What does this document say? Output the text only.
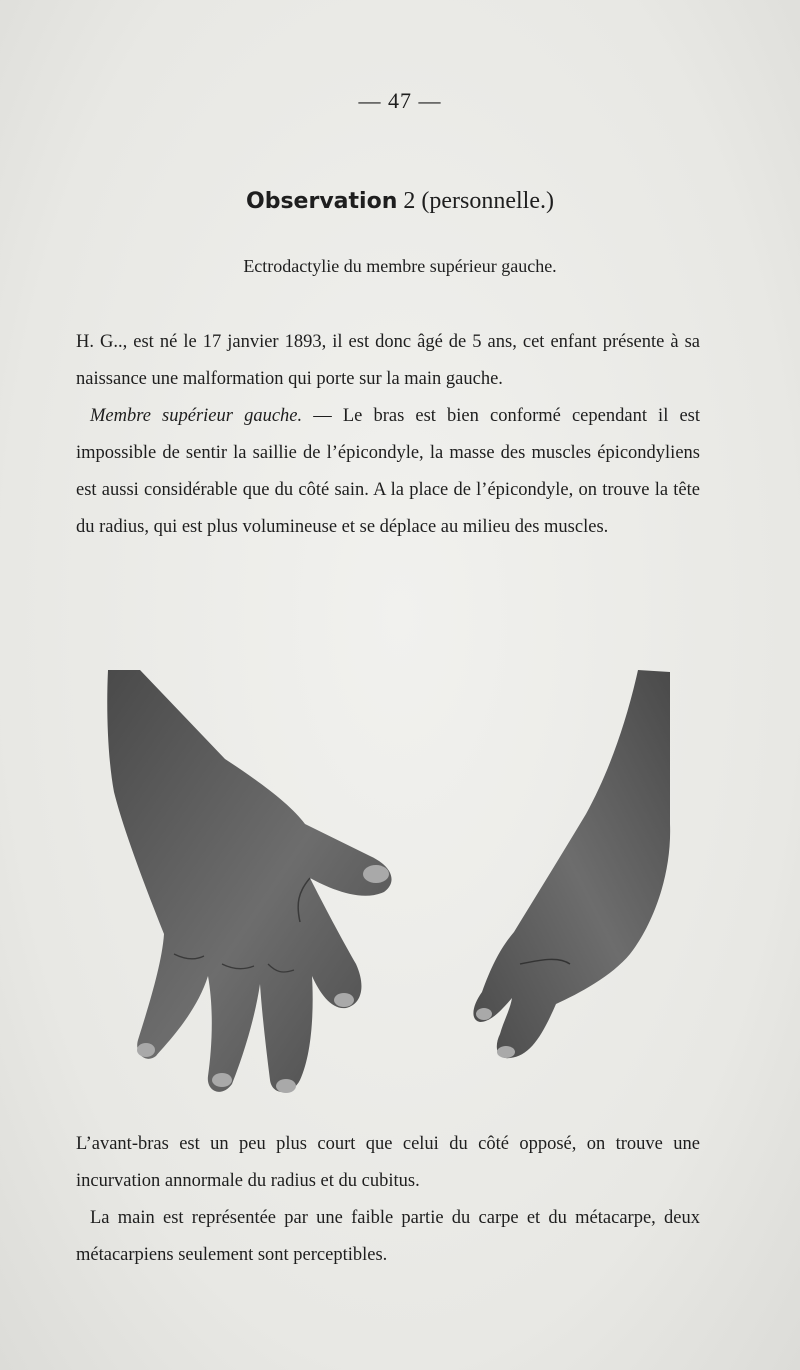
— 47 —
Observation 2 (personnelle.)
Ectrodactylie du membre supérieur gauche.

H. G.., est né le 17 janvier 1893, il est donc âgé de 5 ans, cet enfant présente à sa naissance une malformation qui porte sur la main gauche.

Membre supérieur gauche. — Le bras est bien conformé cependant il est impossible de sentir la saillie de l’épicondyle, la masse des muscles épicondyliens est aussi considérable que du côté sain. A la place de l’épicondyle, on trouve la tête du radius, qui est plus volumineuse et se déplace au milieu des muscles.

L’avant-bras est un peu plus court que celui du côté opposé, on trouve une incurvation annormale du radius et du cubitus.

La main est représentée par une faible partie du carpe et du métacarpe, deux métacarpiens seulement sont perceptibles.
